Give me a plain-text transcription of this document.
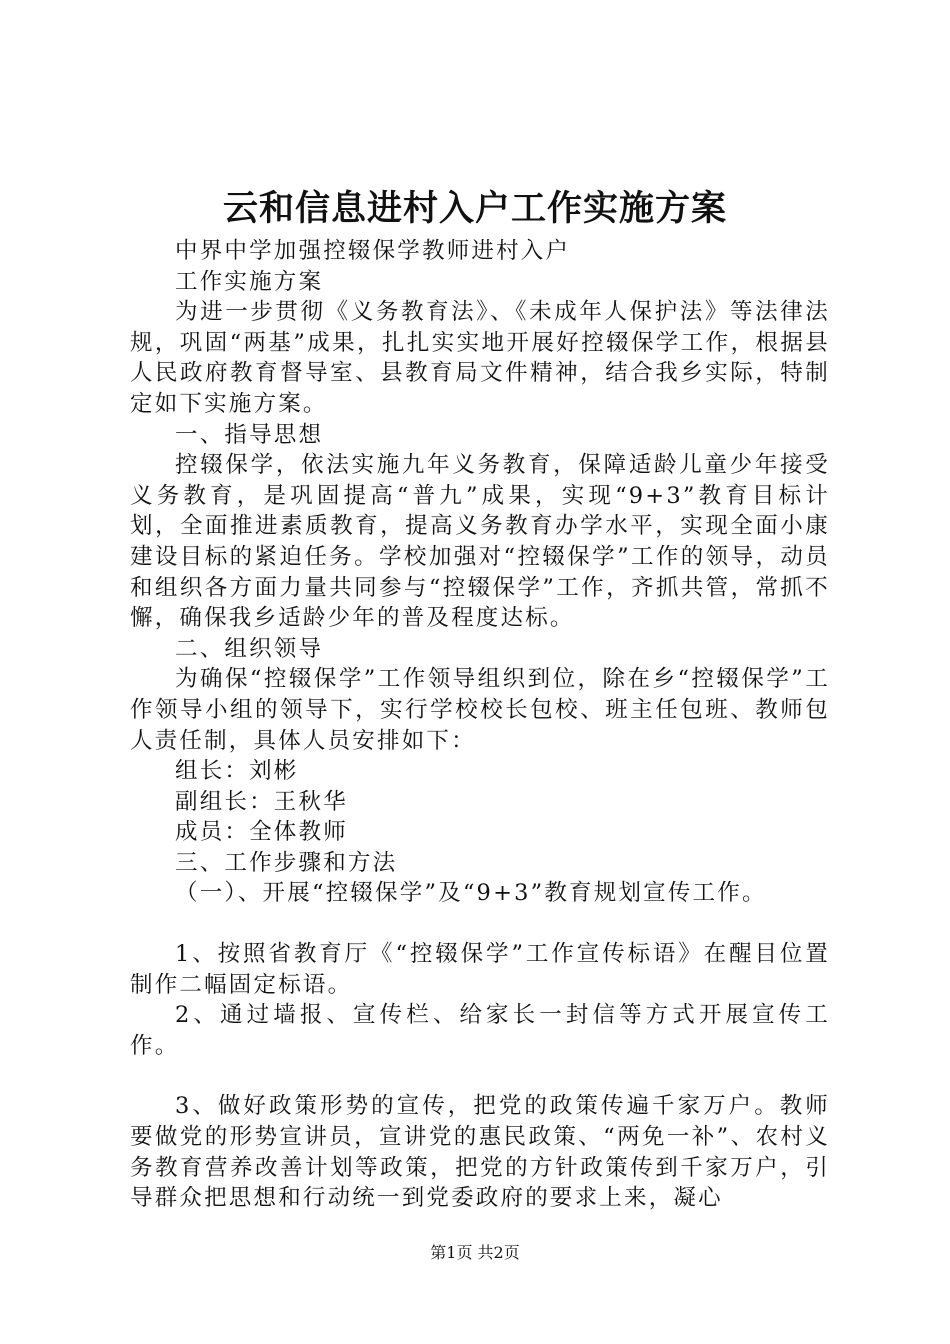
云和信息进村入户工作实施方案

中界中学加强控辍保学教师进村入户

工作实施方案

为进一步贯彻《义务教育法》、《未成年人保护法》等法律法规，巩固“两基”成果，扎扎实实地开展好控辍保学工作，根据县人民政府教育督导室、县教育局文件精神，结合我乡实际，特制定如下实施方案。

一、指导思想

控辍保学，依法实施九年义务教育，保障适龄儿童少年接受义务教育，是巩固提高“普九”成果，实现“9+3”教育目标计划，全面推进素质教育，提高义务教育办学水平，实现全面小康建设目标的紧迫任务。学校加强对“控辍保学”工作的领导，动员和组织各方面力量共同参与“控辍保学”工作，齐抓共管，常抓不懈，确保我乡适龄少年的普及程度达标。

二、组织领导

为确保“控辍保学”工作领导组织到位，除在乡“控辍保学”工作领导小组的领导下，实行学校校长包校、班主任包班、教师包人责任制，具体人员安排如下：

组长：刘彬

副组长：王秋华

成员：全体教师

三、工作步骤和方法

（一）、开展“控辍保学”及“9+3”教育规划宣传工作。

1、按照省教育厅《“控辍保学”工作宣传标语》在醒目位置制作二幅固定标语。

2、通过墙报、宣传栏、给家长一封信等方式开展宣传工作。

3、做好政策形势的宣传，把党的政策传遍千家万户。教师要做党的形势宣讲员，宣讲党的惠民政策、“两免一补”、农村义务教育营养改善计划等政策，把党的方针政策传到千家万户，引导群众把思想和行动统一到党委政府的要求上来，凝心

第1页 共2页
